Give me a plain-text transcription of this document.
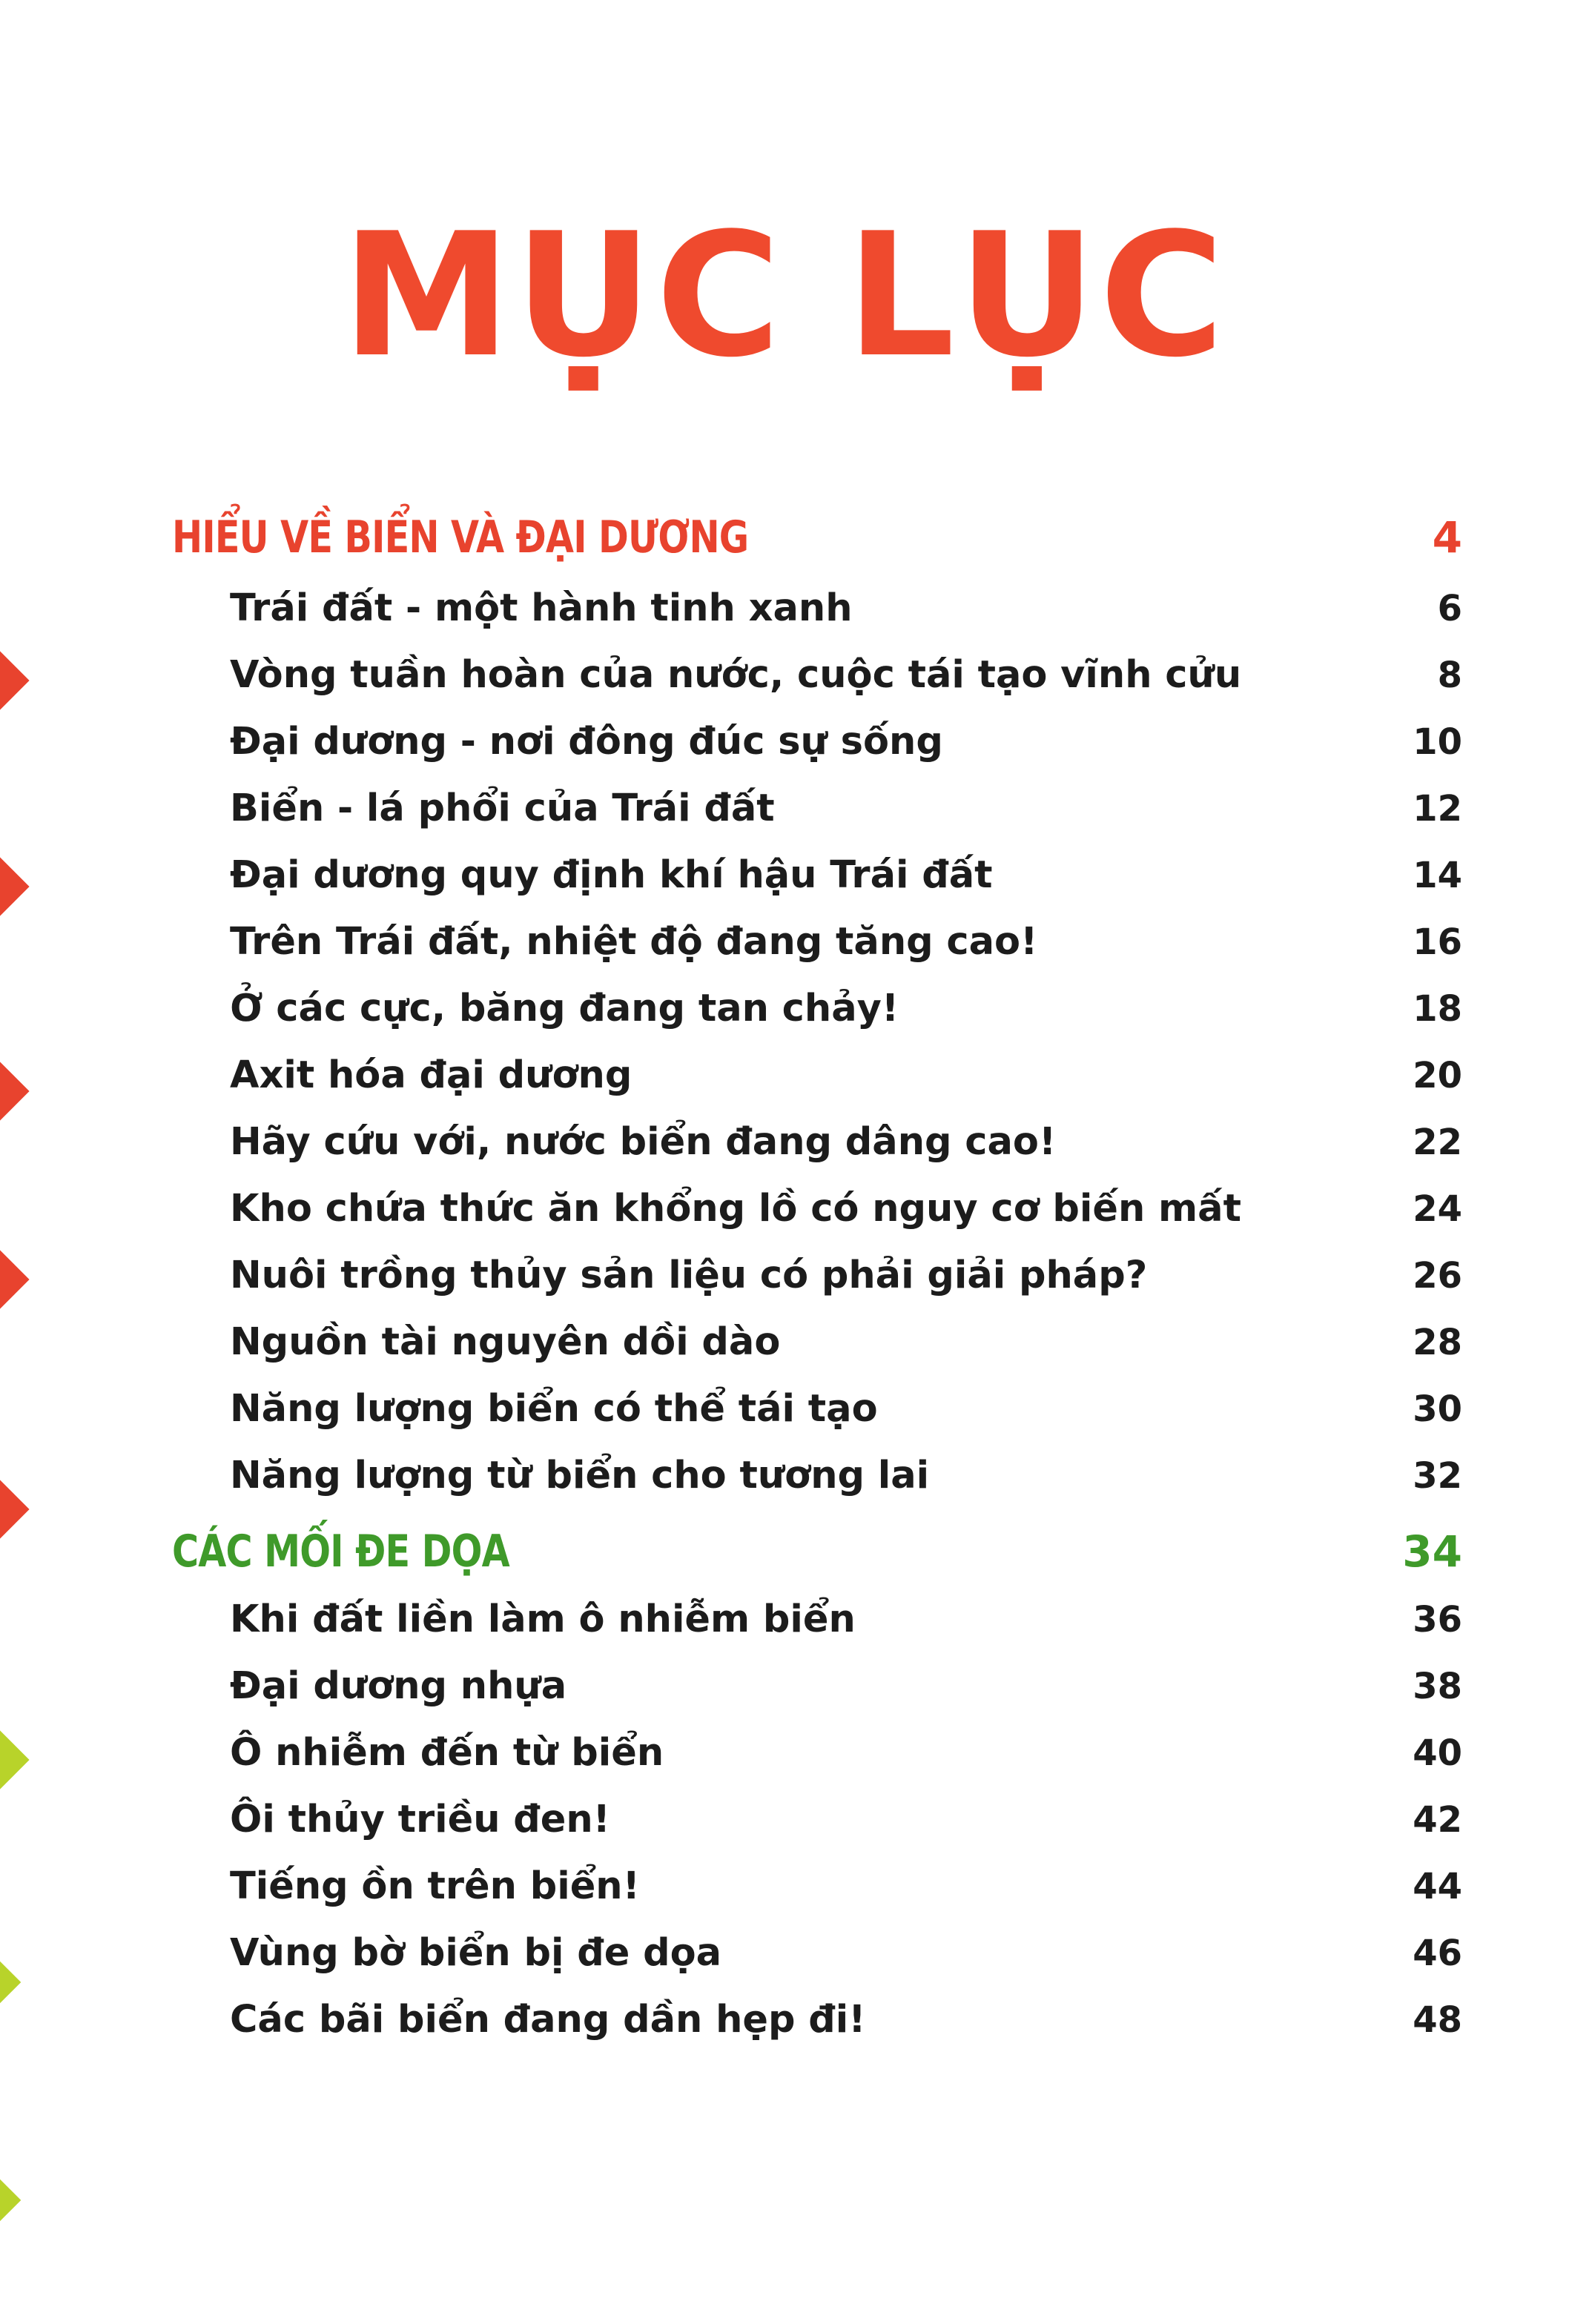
MỤC LỤC
HIỂU VỀ BIỂN VÀ ĐẠI DƯƠNG	4
Trái đất - một hành tinh xanh	6
Vòng tuần hoàn của nước, cuộc tái tạo vĩnh cửu	8
Đại dương - nơi đông đúc sự sống	10
Biển - lá phổi của Trái đất	12
Đại dương quy định khí hậu Trái đất	14
Trên Trái đất, nhiệt độ đang tăng cao!	16
Ở các cực, băng đang tan chảy!	18
Axit hóa đại dương	20
Hãy cứu với, nước biển đang dâng cao!	22
Kho chứa thức ăn khổng lồ có nguy cơ biến mất	24
Nuôi trồng thủy sản liệu có phải giải pháp?	26
Nguồn tài nguyên dồi dào	28
Năng lượng biển có thể tái tạo	30
Năng lượng từ biển cho tương lai	32
CÁC MỐI ĐE DỌA	34
Khi đất liền làm ô nhiễm biển	36
Đại dương nhựa	38
Ô nhiễm đến từ biển	40
Ôi thủy triều đen!	42
Tiếng ồn trên biển!	44
Vùng bờ biển bị đe dọa	46
Các bãi biển đang dần hẹp đi!	48
